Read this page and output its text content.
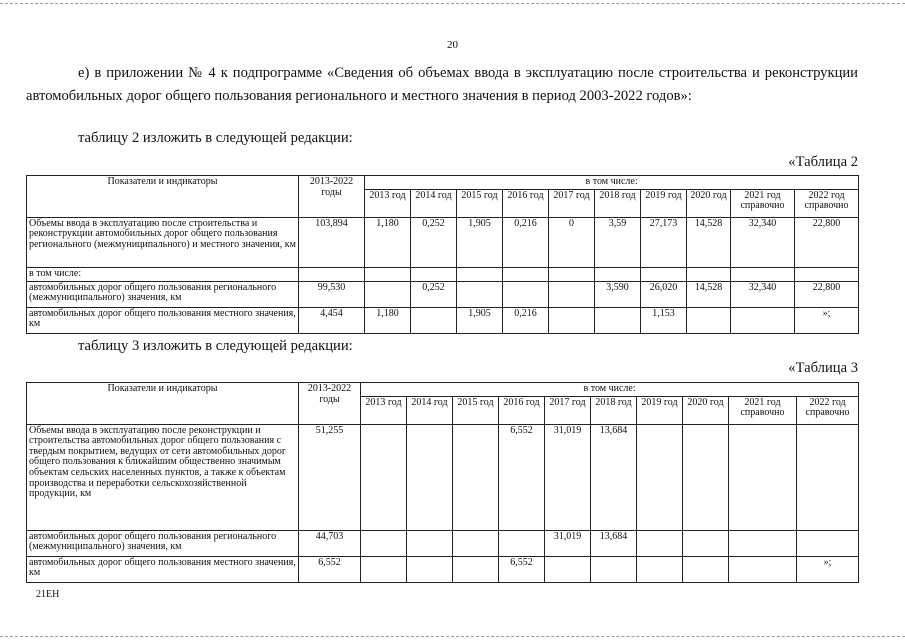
20
е) в приложении № 4 к подпрограмме «Сведения об объемах ввода в эксплуатацию после строительства и реконструкции автомобильных дорог общего пользования регионального и местного значения в период 2003-2022 годов»:
таблицу 2 изложить в следующей редакции:
«Таблица 2
Показатели и индикаторы	2013-2022 годы	в том числе:									
		2013 год	2014 год	2015 год	2016 год	2017 год	2018 год	2019 год	2020 год	2021 год справочно	2022 год справочно
Объемы ввода в эксплуатацию после строительства и реконструкции автомобильных дорог общего пользования регионального (межмуниципального) и местного значения, км	103,894	1,180	0,252	1,905	0,216	0	3,59	27,173	14,528	32,340	22,800
в том числе:											
автомобильных дорог общего пользования регионального (межмуниципального) значения, км	99,530		0,252				3,590	26,020	14,528	32,340	22,800
автомобильных дорог общего пользования местного значения, км	4,454	1,180		1,905	0,216			1,153			»;
таблицу 3 изложить в следующей редакции:
«Таблица 3
Показатели и индикаторы	2013-2022 годы	в том числе:									
		2013 год	2014 год	2015 год	2016 год	2017 год	2018 год	2019 год	2020 год	2021 год справочно	2022 год справочно
Объемы ввода в эксплуатацию после реконструкции и строительства автомобильных дорог общего пользования с твердым покрытием, ведущих от сети автомобильных дорог общего пользования к ближайшим общественно значимым объектам сельских населенных пунктов, а также к объектам производства и переработки сельскохозяйственной продукции, км	51,255				6,552	31,019	13,684				
автомобильных дорог общего пользования регионального (межмуниципального) значения, км	44,703					31,019	13,684				
автомобильных дорог общего пользования местного значения, км	6,552				6,552						»;
21ЕН
